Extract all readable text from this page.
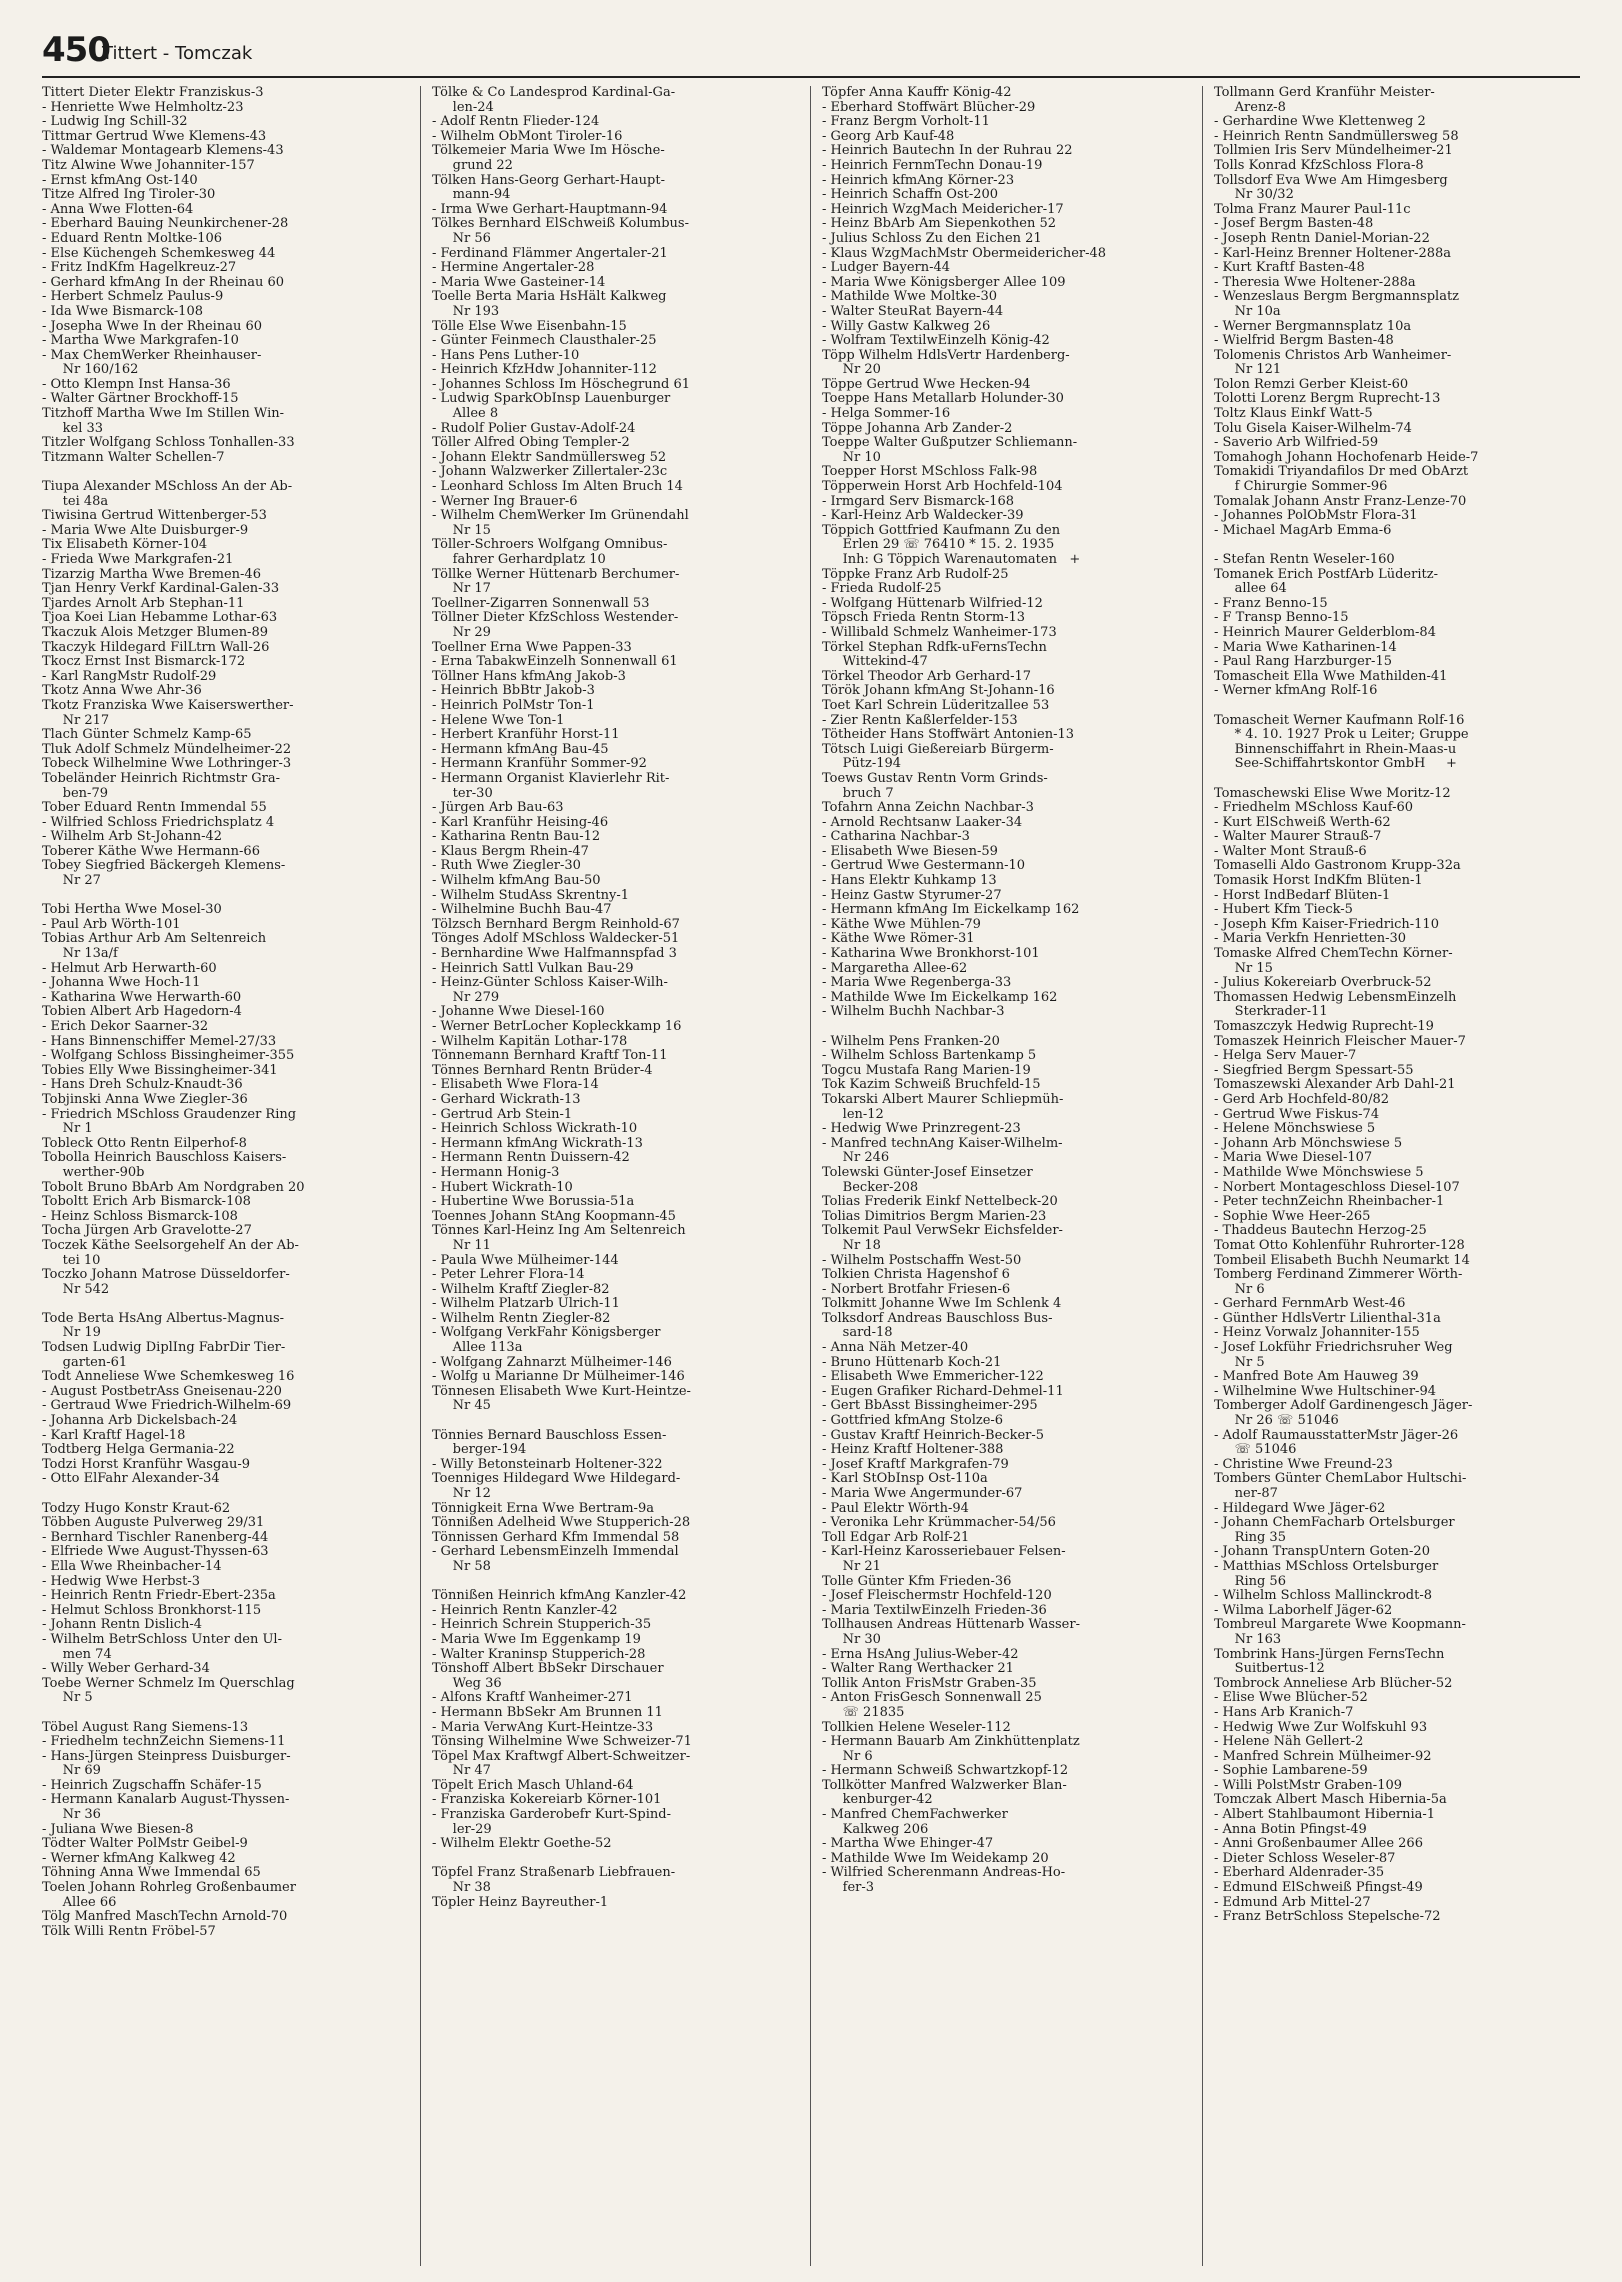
450
Tittert - Tomczak
Tittert Dieter Elektr Franziskus-3
- Henriette Wwe Helmholtz-23
- Ludwig Ing Schill-32
Tittmar Gertrud Wwe Klemens-43
- Waldemar Montagearb Klemens-43
Titz Alwine Wwe Johanniter-157
- Ernst kfmAng Ost-140
Titze Alfred Ing Tiroler-30
- Anna Wwe Flotten-64
- Eberhard Bauing Neunkirchener-28
- Eduard Rentn Moltke-106
- Else Küchengeh Schemkesweg 44
- Fritz IndKfm Hagelkreuz-27
- Gerhard kfmAng In der Rheinau 60
- Herbert Schmelz Paulus-9
- Ida Wwe Bismarck-108
- Josepha Wwe In der Rheinau 60
- Martha Wwe Markgrafen-10
- Max ChemWerker Rheinhauser-
Nr 160/162
- Otto Klempn Inst Hansa-36
- Walter Gärtner Brockhoff-15
Titzhoff Martha Wwe Im Stillen Win-
kel 33
Titzler Wolfgang Schloss Tonhallen-33
Titzmann Walter Schellen-7

Tiupa Alexander MSchloss An der Ab-
tei 48a
Tiwisina Gertrud Wittenberger-53
- Maria Wwe Alte Duisburger-9
Tix Elisabeth Körner-104
- Frieda Wwe Markgrafen-21
Tizarzig Martha Wwe Bremen-46
Tjan Henry Verkf Kardinal-Galen-33
Tjardes Arnolt Arb Stephan-11
Tjoa Koei Lian Hebamme Lothar-63
Tkaczuk Alois Metzger Blumen-89
Tkaczyk Hildegard FilLtrn Wall-26
Tkocz Ernst Inst Bismarck-172
- Karl RangMstr Rudolf-29
Tkotz Anna Wwe Ahr-36
Tkotz Franziska Wwe Kaiserswerther-
Nr 217
Tlach Günter Schmelz Kamp-65
Tluk Adolf Schmelz Mündelheimer-22
Tobeck Wilhelmine Wwe Lothringer-3
Tobeländer Heinrich Richtmstr Gra-
ben-79
Tober Eduard Rentn Immendal 55
- Wilfried Schloss Friedrichsplatz 4
- Wilhelm Arb St-Johann-42
Toberer Käthe Wwe Hermann-66
Tobey Siegfried Bäckergeh Klemens-
Nr 27

Tobi Hertha Wwe Mosel-30
- Paul Arb Wörth-101
Tobias Arthur Arb Am Seltenreich
Nr 13a/f
- Helmut Arb Herwarth-60
- Johanna Wwe Hoch-11
- Katharina Wwe Herwarth-60
Tobien Albert Arb Hagedorn-4
- Erich Dekor Saarner-32
- Hans Binnenschiffer Memel-27/33
- Wolfgang Schloss Bissingheimer-355
Tobies Elly Wwe Bissingheimer-341
- Hans Dreh Schulz-Knaudt-36
Tobjinski Anna Wwe Ziegler-36
- Friedrich MSchloss Graudenzer Ring
Nr 1
Tobleck Otto Rentn Eilperhof-8
Tobolla Heinrich Bauschloss Kaisers-
werther-90b
Tobolt Bruno BbArb Am Nordgraben 20
Toboltt Erich Arb Bismarck-108
- Heinz Schloss Bismarck-108
Tocha Jürgen Arb Gravelotte-27
Toczek Käthe Seelsorgehelf An der Ab-
tei 10
Toczko Johann Matrose Düsseldorfer-
Nr 542

Tode Berta HsAng Albertus-Magnus-
Nr 19
Todsen Ludwig DiplIng FabrDir Tier-
garten-61
Todt Anneliese Wwe Schemkesweg 16
- August PostbetrAss Gneisenau-220
- Gertraud Wwe Friedrich-Wilhelm-69
- Johanna Arb Dickelsbach-24
- Karl Kraftf Hagel-18
Todtberg Helga Germania-22
Todzi Horst Kranführ Wasgau-9
- Otto ElFahr Alexander-34

Todzy Hugo Konstr Kraut-62
Többen Auguste Pulverweg 29/31
- Bernhard Tischler Ranenberg-44
- Elfriede Wwe August-Thyssen-63
- Ella Wwe Rheinbacher-14
- Hedwig Wwe Herbst-3
- Heinrich Rentn Friedr-Ebert-235a
- Helmut Schloss Bronkhorst-115
- Johann Rentn Dislich-4
- Wilhelm BetrSchloss Unter den Ul-
men 74
- Willy Weber Gerhard-34
Toebe Werner Schmelz Im Querschlag
Nr 5

Töbel August Rang Siemens-13
- Friedhelm technZeichn Siemens-11
- Hans-Jürgen Steinpress Duisburger-
Nr 69
- Heinrich Zugschaffn Schäfer-15
- Hermann Kanalarb August-Thyssen-
Nr 36
- Juliana Wwe Biesen-8
Tödter Walter PolMstr Geibel-9
- Werner kfmAng Kalkweg 42
Töhning Anna Wwe Immendal 65
Toelen Johann Rohrleg Großenbaumer
Allee 66
Tölg Manfred MaschTechn Arnold-70
Tölk Willi Rentn Fröbel-57
Tölke & Co Landesprod Kardinal-Ga-
len-24
- Adolf Rentn Flieder-124
- Wilhelm ObMont Tiroler-16
Tölkemeier Maria Wwe Im Hösche-
grund 22
Tölken Hans-Georg Gerhart-Haupt-
mann-94
- Irma Wwe Gerhart-Hauptmann-94
Tölkes Bernhard ElSchweiß Kolumbus-
Nr 56
- Ferdinand Flämmer Angertaler-21
- Hermine Angertaler-28
- Maria Wwe Gasteiner-14
Toelle Berta Maria HsHält Kalkweg
Nr 193
Tölle Else Wwe Eisenbahn-15
- Günter Feinmech Clausthaler-25
- Hans Pens Luther-10
- Heinrich KfzHdw Johanniter-112
- Johannes Schloss Im Höschegrund 61
- Ludwig SparkObInsp Lauenburger
Allee 8
- Rudolf Polier Gustav-Adolf-24
Töller Alfred Obing Templer-2
- Johann Elektr Sandmüllersweg 52
- Johann Walzwerker Zillertaler-23c
- Leonhard Schloss Im Alten Bruch 14
- Werner Ing Brauer-6
- Wilhelm ChemWerker Im Grünendahl
Nr 15
Töller-Schroers Wolfgang Omnibus-
fahrer Gerhardplatz 10
Töllke Werner Hüttenarb Berchumer-
Nr 17
Toellner-Zigarren Sonnenwall 53
Töllner Dieter KfzSchloss Westender-
Nr 29
Toellner Erna Wwe Pappen-33
- Erna TabakwEinzelh Sonnenwall 61
Töllner Hans kfmAng Jakob-3
- Heinrich BbBtr Jakob-3
- Heinrich PolMstr Ton-1
- Helene Wwe Ton-1
- Herbert Kranführ Horst-11
- Hermann kfmAng Bau-45
- Hermann Kranführ Sommer-92
- Hermann Organist Klavierlehr Rit-
ter-30
- Jürgen Arb Bau-63
- Karl Kranführ Heising-46
- Katharina Rentn Bau-12
- Klaus Bergm Rhein-47
- Ruth Wwe Ziegler-30
- Wilhelm kfmAng Bau-50
- Wilhelm StudAss Skrentny-1
- Wilhelmine Buchh Bau-47
Tölzsch Bernhard Bergm Reinhold-67
Tönges Adolf MSchloss Waldecker-51
- Bernhardine Wwe Halfmannspfad 3
- Heinrich Sattl Vulkan Bau-29
- Heinz-Günter Schloss Kaiser-Wilh-
Nr 279
- Johanne Wwe Diesel-160
- Werner BetrLocher Kopleckkamp 16
- Wilhelm Kapitän Lothar-178
Tönnemann Bernhard Kraftf Ton-11
Tönnes Bernhard Rentn Brüder-4
- Elisabeth Wwe Flora-14
- Gerhard Wickrath-13
- Gertrud Arb Stein-1
- Heinrich Schloss Wickrath-10
- Hermann kfmAng Wickrath-13
- Hermann Rentn Duissern-42
- Hermann Honig-3
- Hubert Wickrath-10
- Hubertine Wwe Borussia-51a
Toennes Johann StAng Koopmann-45
Tönnes Karl-Heinz Ing Am Seltenreich
Nr 11
- Paula Wwe Mülheimer-144
- Peter Lehrer Flora-14
- Wilhelm Kraftf Ziegler-82
- Wilhelm Platzarb Ulrich-11
- Wilhelm Rentn Ziegler-82
- Wolfgang VerkFahr Königsberger
Allee 113a
- Wolfgang Zahnarzt Mülheimer-146
- Wolfg u Marianne Dr Mülheimer-146
Tönnesen Elisabeth Wwe Kurt-Heintze-
Nr 45

Tönnies Bernard Bauschloss Essen-
berger-194
- Willy Betonsteinarb Holtener-322
Toenniges Hildegard Wwe Hildegard-
Nr 12
Tönnigkeit Erna Wwe Bertram-9a
Tönnißen Adelheid Wwe Stupperich-28
Tönnissen Gerhard Kfm Immendal 58
- Gerhard LebensmEinzelh Immendal
Nr 58

Tönnißen Heinrich kfmAng Kanzler-42
- Heinrich Rentn Kanzler-42
- Heinrich Schrein Stupperich-35
- Maria Wwe Im Eggenkamp 19
- Walter Kraninsp Stupperich-28
Tönshoff Albert BbSekr Dirschauer
Weg 36
- Alfons Kraftf Wanheimer-271
- Hermann BbSekr Am Brunnen 11
- Maria VerwAng Kurt-Heintze-33
Tönsing Wilhelmine Wwe Schweizer-71
Töpel Max Kraftwgf Albert-Schweitzer-
Nr 47
Töpelt Erich Masch Uhland-64
- Franziska Kokereiarb Körner-101
- Franziska Garderobefr Kurt-Spind-
ler-29
- Wilhelm Elektr Goethe-52

Töpfel Franz Straßenarb Liebfrauen-
Nr 38
Töpler Heinz Bayreuther-1
Töpfer Anna Kauffr König-42
- Eberhard Stoffwärt Blücher-29
- Franz Bergm Vorholt-11
- Georg Arb Kauf-48
- Heinrich Bautechn In der Ruhrau 22
- Heinrich FernmTechn Donau-19
- Heinrich kfmAng Körner-23
- Heinrich Schaffn Ost-200
- Heinrich WzgMach Meidericher-17
- Heinz BbArb Am Siepenkothen 52
- Julius Schloss Zu den Eichen 21
- Klaus WzgMachMstr Obermeidericher-48
- Ludger Bayern-44
- Maria Wwe Königsberger Allee 109
- Mathilde Wwe Moltke-30
- Walter SteuRat Bayern-44
- Willy Gastw Kalkweg 26
- Wolfram TextilwEinzelh König-42
Töpp Wilhelm HdlsVertr Hardenberg-
Nr 20
Töppe Gertrud Wwe Hecken-94
Toeppe Hans Metallarb Holunder-30
- Helga Sommer-16
Töppe Johanna Arb Zander-2
Toeppe Walter Gußputzer Schliemann-
Nr 10
Toepper Horst MSchloss Falk-98
Töpperwein Horst Arb Hochfeld-104
- Irmgard Serv Bismarck-168
- Karl-Heinz Arb Waldecker-39
Töppich Gottfried Kaufmann Zu den
Erlen 29 ☏ 76410 * 15. 2. 1935
Inh: G Töppich Warenautomaten   +
Töppke Franz Arb Rudolf-25
- Frieda Rudolf-25
- Wolfgang Hüttenarb Wilfried-12
Töpsch Frieda Rentn Storm-13
- Willibald Schmelz Wanheimer-173
Törkel Stephan Rdfk-uFernsTechn
Wittekind-47
Törkel Theodor Arb Gerhard-17
Török Johann kfmAng St-Johann-16
Toet Karl Schrein Lüderitzallee 53
- Zier Rentn Kaßlerfelder-153
Tötheider Hans Stoffwärt Antonien-13
Tötsch Luigi Gießereiarb Bürgerm-
Pütz-194
Toews Gustav Rentn Vorm Grinds-
bruch 7
Tofahrn Anna Zeichn Nachbar-3
- Arnold Rechtsanw Laaker-34
- Catharina Nachbar-3
- Elisabeth Wwe Biesen-59
- Gertrud Wwe Gestermann-10
- Hans Elektr Kuhkamp 13
- Heinz Gastw Styrumer-27
- Hermann kfmAng Im Eickelkamp 162
- Käthe Wwe Mühlen-79
- Käthe Wwe Römer-31
- Katharina Wwe Bronkhorst-101
- Margaretha Allee-62
- Maria Wwe Regenberga-33
- Mathilde Wwe Im Eickelkamp 162
- Wilhelm Buchh Nachbar-3

- Wilhelm Pens Franken-20
- Wilhelm Schloss Bartenkamp 5
Togcu Mustafa Rang Marien-19
Tok Kazim Schweiß Bruchfeld-15
Tokarski Albert Maurer Schliepmüh-
len-12
- Hedwig Wwe Prinzregent-23
- Manfred technAng Kaiser-Wilhelm-
Nr 246
Tolewski Günter-Josef Einsetzer
Becker-208
Tolias Frederik Einkf Nettelbeck-20
Tolias Dimitrios Bergm Marien-23
Tolkemit Paul VerwSekr Eichsfelder-
Nr 18
- Wilhelm Postschaffn West-50
Tolkien Christa Hagenshof 6
- Norbert Brotfahr Friesen-6
Tolkmitt Johanne Wwe Im Schlenk 4
Tolksdorf Andreas Bauschloss Bus-
sard-18
- Anna Näh Metzer-40
- Bruno Hüttenarb Koch-21
- Elisabeth Wwe Emmericher-122
- Eugen Grafiker Richard-Dehmel-11
- Gert BbAsst Bissingheimer-295
- Gottfried kfmAng Stolze-6
- Gustav Kraftf Heinrich-Becker-5
- Heinz Kraftf Holtener-388
- Josef Kraftf Markgrafen-79
- Karl StObInsp Ost-110a
- Maria Wwe Angermunder-67
- Paul Elektr Wörth-94
- Veronika Lehr Krümmacher-54/56
Toll Edgar Arb Rolf-21
- Karl-Heinz Karosseriebauer Felsen-
Nr 21
Tolle Günter Kfm Frieden-36
- Josef Fleischermstr Hochfeld-120
- Maria TextilwEinzelh Frieden-36
Tollhausen Andreas Hüttenarb Wasser-
Nr 30
- Erna HsAng Julius-Weber-42
- Walter Rang Werthacker 21
Tollik Anton FrisMstr Graben-35
- Anton FrisGesch Sonnenwall 25
☏ 21835
Tollkien Helene Weseler-112
- Hermann Bauarb Am Zinkhüttenplatz
Nr 6
- Hermann Schweiß Schwartzkopf-12
Tollkötter Manfred Walzwerker Blan-
kenburger-42
- Manfred ChemFachwerker
Kalkweg 206
- Martha Wwe Ehinger-47
- Mathilde Wwe Im Weidekamp 20
- Wilfried Scherenmann Andreas-Ho-
fer-3
Tollmann Gerd Kranführ Meister-
Arenz-8
- Gerhardine Wwe Klettenweg 2
- Heinrich Rentn Sandmüllersweg 58
Tollmien Iris Serv Mündelheimer-21
Tolls Konrad KfzSchloss Flora-8
Tollsdorf Eva Wwe Am Himgesberg
Nr 30/32
Tolma Franz Maurer Paul-11c
- Josef Bergm Basten-48
- Joseph Rentn Daniel-Morian-22
- Karl-Heinz Brenner Holtener-288a
- Kurt Kraftf Basten-48
- Theresia Wwe Holtener-288a
- Wenzeslaus Bergm Bergmannsplatz
Nr 10a
- Werner Bergmannsplatz 10a
- Wielfrid Bergm Basten-48
Tolomenis Christos Arb Wanheimer-
Nr 121
Tolon Remzi Gerber Kleist-60
Tolotti Lorenz Bergm Ruprecht-13
Toltz Klaus Einkf Watt-5
Tolu Gisela Kaiser-Wilhelm-74
- Saverio Arb Wilfried-59
Tomahogh Johann Hochofenarb Heide-7
Tomakidi Triyandafilos Dr med ObArzt
f Chirurgie Sommer-96
Tomalak Johann Anstr Franz-Lenze-70
- Johannes PolObMstr Flora-31
- Michael MagArb Emma-6

- Stefan Rentn Weseler-160
Tomanek Erich PostfArb Lüderitz-
allee 64
- Franz Benno-15
- F Transp Benno-15
- Heinrich Maurer Gelderblom-84
- Maria Wwe Katharinen-14
- Paul Rang Harzburger-15
Tomascheit Ella Wwe Mathilden-41
- Werner kfmAng Rolf-16

Tomascheit Werner Kaufmann Rolf-16
* 4. 10. 1927 Prok u Leiter; Gruppe
Binnenschiffahrt in Rhein-Maas-u
See-Schiffahrtskontor GmbH     +

Tomaschewski Elise Wwe Moritz-12
- Friedhelm MSchloss Kauf-60
- Kurt ElSchweiß Werth-62
- Walter Maurer Strauß-7
- Walter Mont Strauß-6
Tomaselli Aldo Gastronom Krupp-32a
Tomasik Horst IndKfm Blüten-1
- Horst IndBedarf Blüten-1
- Hubert Kfm Tieck-5
- Joseph Kfm Kaiser-Friedrich-110
- Maria Verkfn Henrietten-30
Tomaske Alfred ChemTechn Körner-
Nr 15
- Julius Kokereiarb Overbruck-52
Thomassen Hedwig LebensmEinzelh
Sterkrader-11
Tomaszczyk Hedwig Ruprecht-19
Tomaszek Heinrich Fleischer Mauer-7
- Helga Serv Mauer-7
- Siegfried Bergm Spessart-55
Tomaszewski Alexander Arb Dahl-21
- Gerd Arb Hochfeld-80/82
- Gertrud Wwe Fiskus-74
- Helene Mönchswiese 5
- Johann Arb Mönchswiese 5
- Maria Wwe Diesel-107
- Mathilde Wwe Mönchswiese 5
- Norbert Montageschloss Diesel-107
- Peter technZeichn Rheinbacher-1
- Sophie Wwe Heer-265
- Thaddeus Bautechn Herzog-25
Tomat Otto Kohlenführ Ruhrorter-128
Tombeil Elisabeth Buchh Neumarkt 14
Tomberg Ferdinand Zimmerer Wörth-
Nr 6
- Gerhard FernmArb West-46
- Günther HdlsVertr Lilienthal-31a
- Heinz Vorwalz Johanniter-155
- Josef Lokführ Friedrichsruher Weg
Nr 5
- Manfred Bote Am Hauweg 39
- Wilhelmine Wwe Hultschiner-94
Tomberger Adolf Gardinengesch Jäger-
Nr 26 ☏ 51046
- Adolf RaumausstatterMstr Jäger-26
☏ 51046
- Christine Wwe Freund-23
Tombers Günter ChemLabor Hultschi-
ner-87
- Hildegard Wwe Jäger-62
- Johann ChemFacharb Ortelsburger
Ring 35
- Johann TranspUntern Goten-20
- Matthias MSchloss Ortelsburger
Ring 56
- Wilhelm Schloss Mallinckrodt-8
- Wilma Laborhelf Jäger-62
Tombreul Margarete Wwe Koopmann-
Nr 163
Tombrink Hans-Jürgen FernsTechn
Suitbertus-12
Tombrock Anneliese Arb Blücher-52
- Elise Wwe Blücher-52
- Hans Arb Kranich-7
- Hedwig Wwe Zur Wolfskuhl 93
- Helene Näh Gellert-2
- Manfred Schrein Mülheimer-92
- Sophie Lambarene-59
- Willi PolstMstr Graben-109
Tomczak Albert Masch Hibernia-5a
- Albert Stahlbaumont Hibernia-1
- Anna Botin Pfingst-49
- Anni Großenbaumer Allee 266
- Dieter Schloss Weseler-87
- Eberhard Aldenrader-35
- Edmund ElSchweiß Pfingst-49
- Edmund Arb Mittel-27
- Franz BetrSchloss Stepelsche-72
